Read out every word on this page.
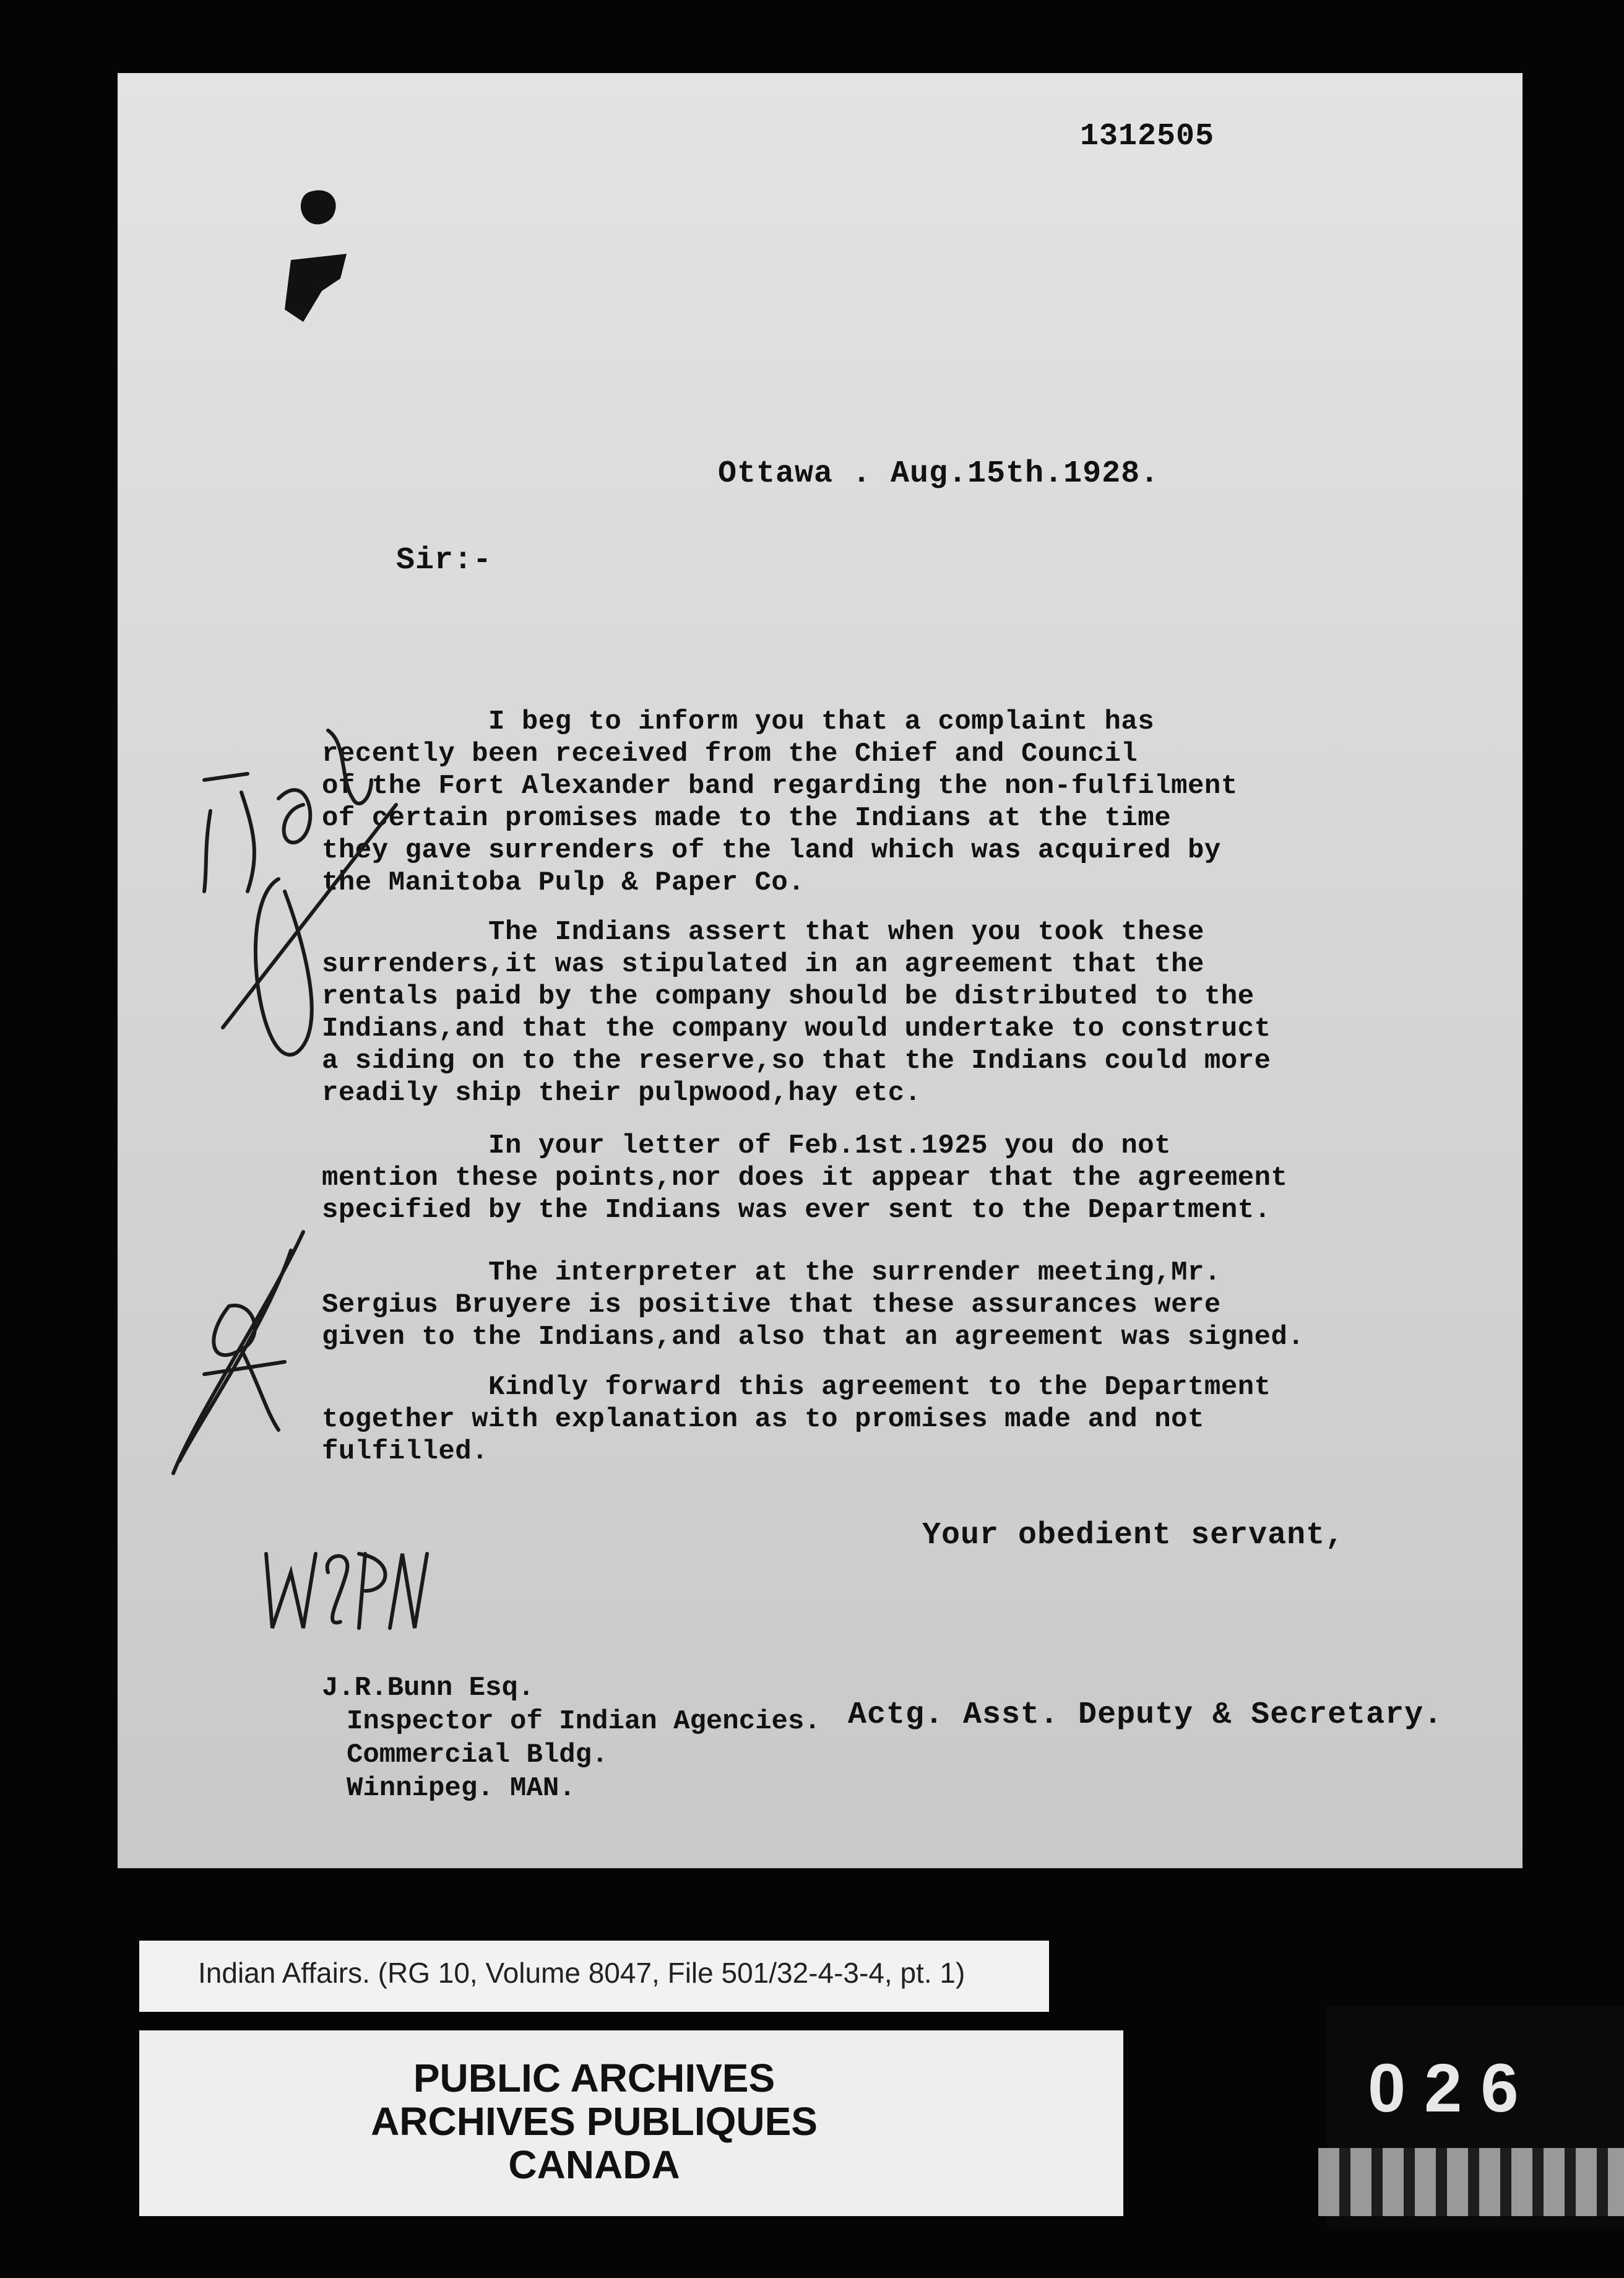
1312505
Ottawa . Aug.15th.1928.
Sir:-
I beg to inform you that a complaint has
recently been received from the Chief and Council
of the Fort Alexander band regarding the non-fulfilment
of certain promises made to the Indians at the time
they gave surrenders of the land which was acquired by
the Manitoba Pulp & Paper Co.
The Indians assert that when you took these
surrenders,it was stipulated in an agreement that the
rentals paid by the company should be distributed to the
Indians,and that the company would undertake to construct
a siding on to the reserve,so that the Indians could more
readily ship their pulpwood,hay etc.
In your letter of Feb.1st.1925 you do not
mention these points,nor does it appear that the agreement
specified by the Indians was ever sent to the Department.
The interpreter at the surrender meeting,Mr.
Sergius Bruyere is positive that these assurances were
given to the Indians,and also that an agreement was signed.
Kindly forward this agreement to the Department
together with explanation as to promises made and not
fulfilled.
Your obedient servant,
Actg. Asst. Deputy & Secretary.
J.R.Bunn Esq.
Inspector of Indian Agencies.
Commercial Bldg.
Winnipeg. MAN.
Indian Affairs. (RG 10, Volume 8047, File 501/32-4-3-4, pt. 1)
PUBLIC ARCHIVES
ARCHIVES PUBLIQUES
CANADA
026
